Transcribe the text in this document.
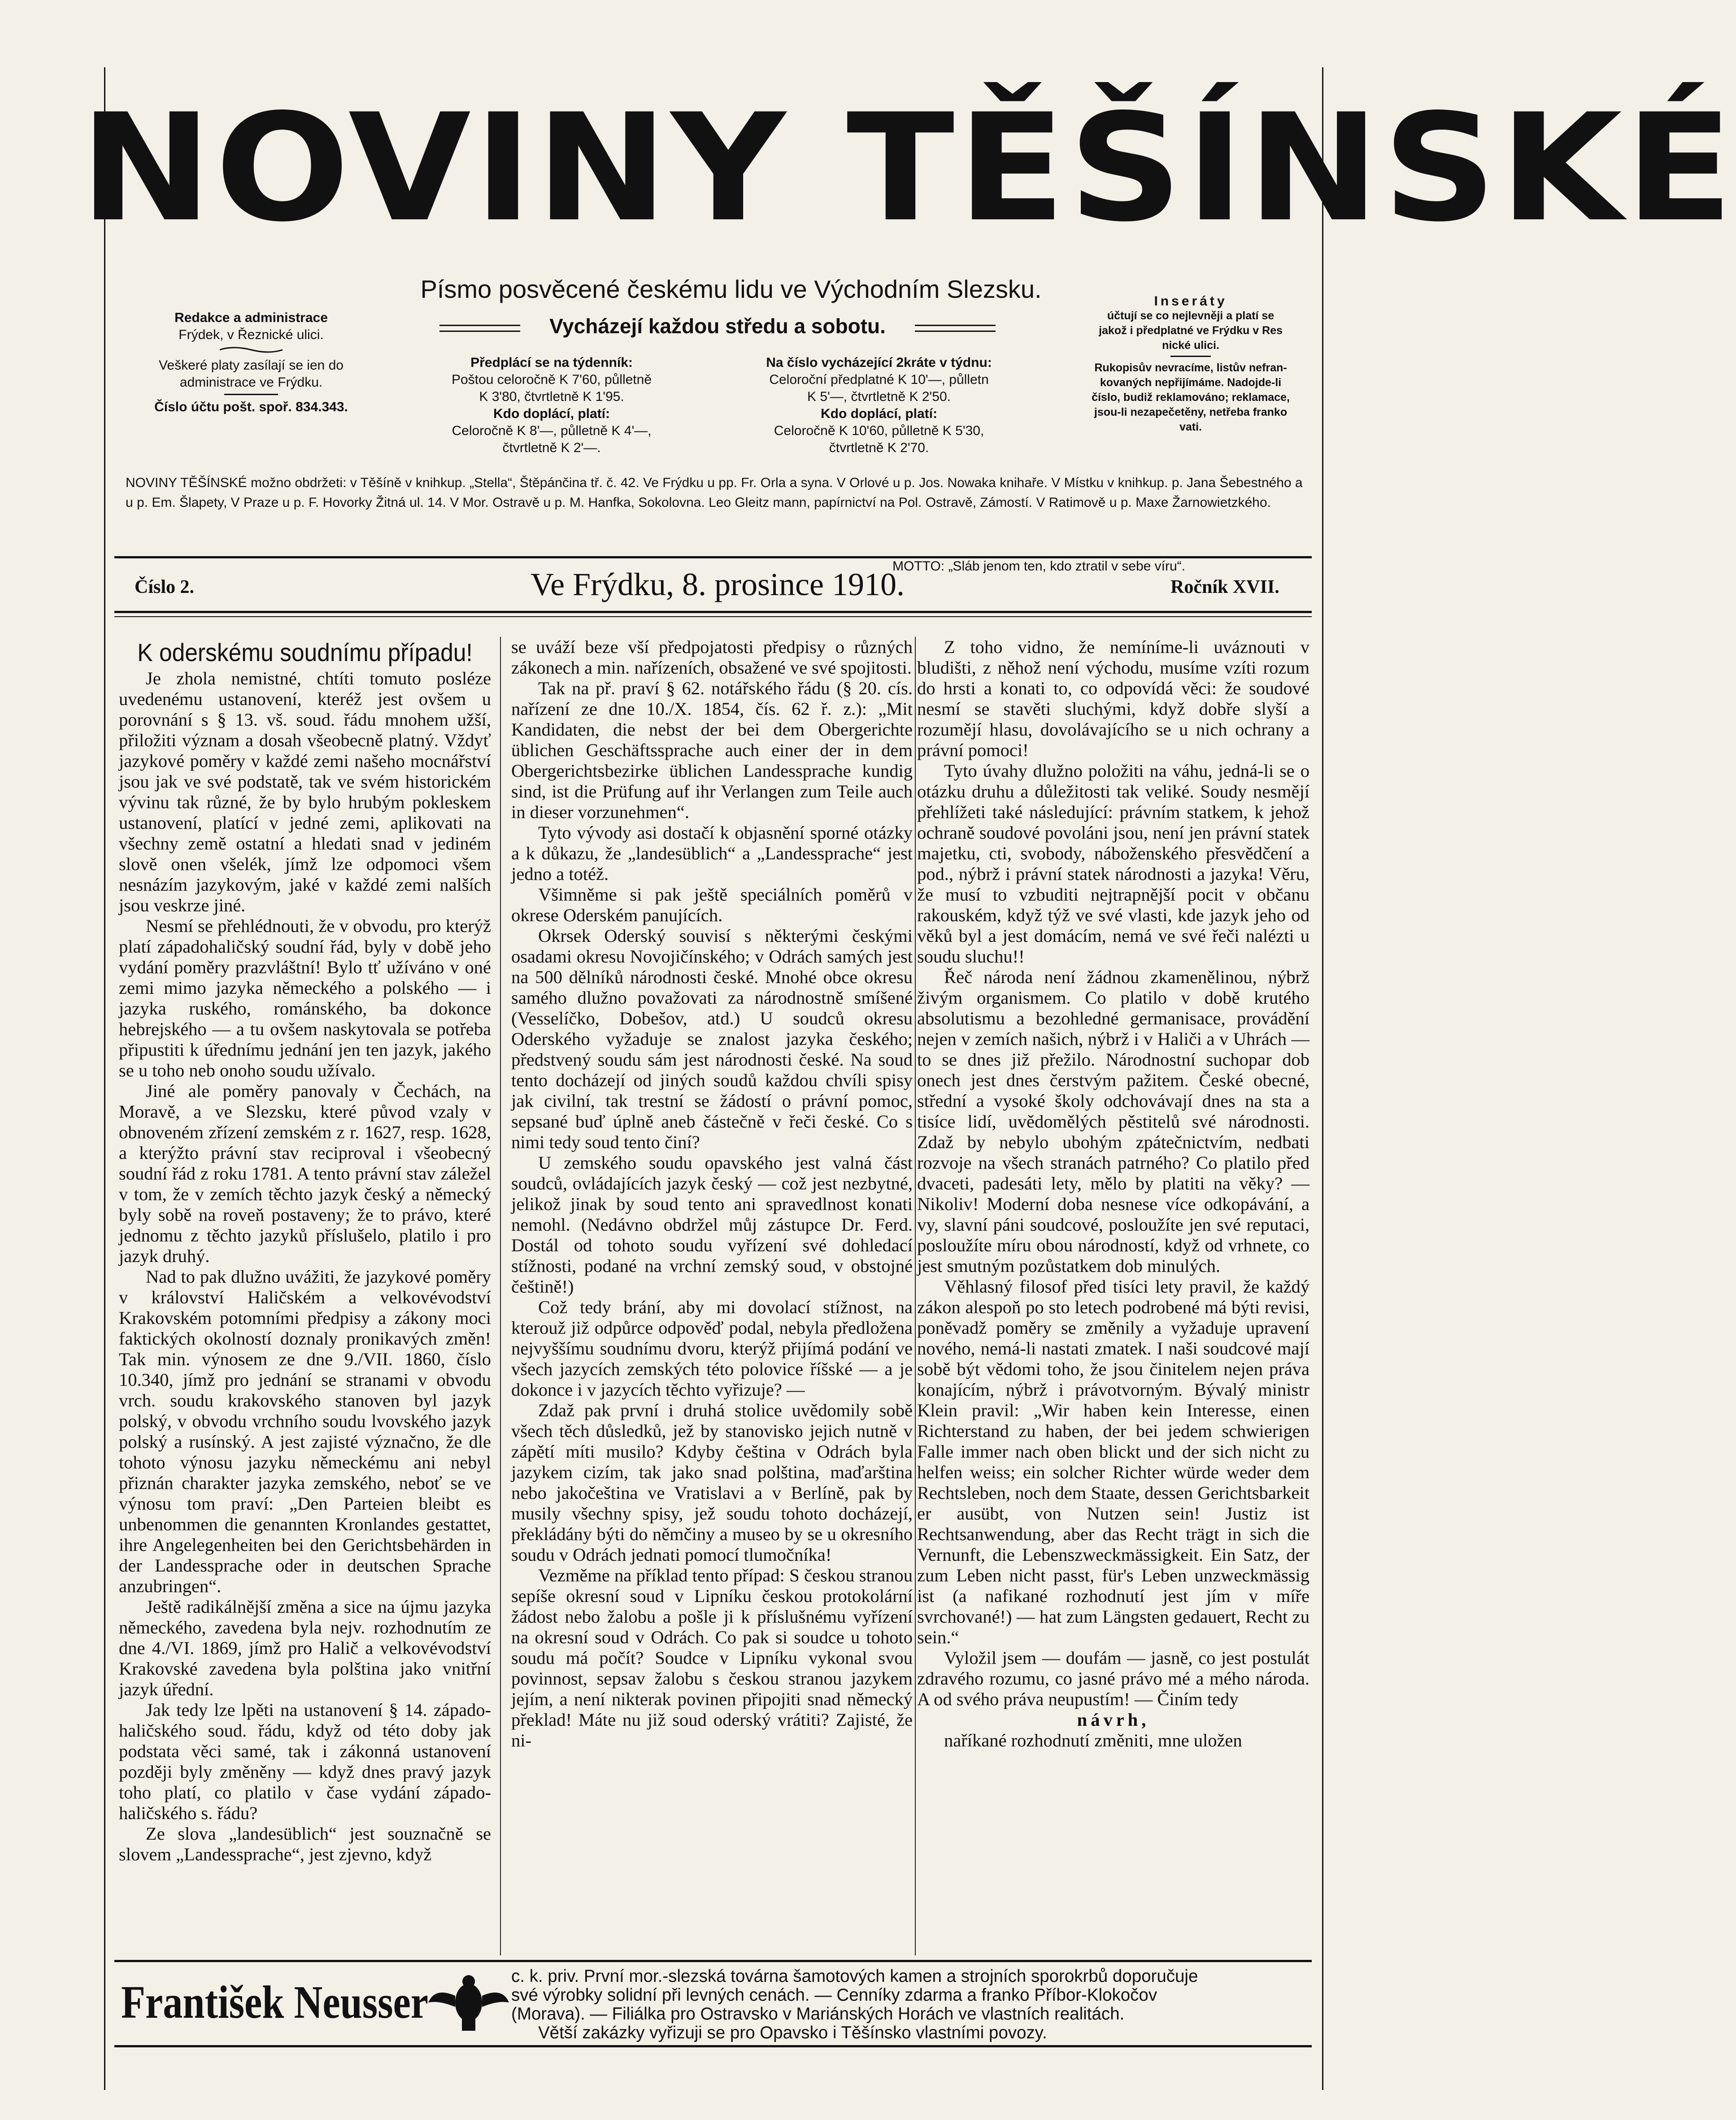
NOVINY TĚŠÍNSKÉ
Písmo posvěcené českému lidu ve Východním Slezsku.
Vycházejí každou středu a sobotu.
Redakce a administrace
Frýdek, v Řeznické ulici.
Veškeré platy zasílají se ien do
administrace ve Frýdku.
Číslo účtu pošt. spoř. 834.343.
Předplácí se na týdenník:
Poštou celoročně K 7'60, půlletně
K 3'80, čtvrtletně K 1'95.
Kdo doplácí, platí:
Celoročně K 8'—, půlletně K 4'—,
čtvrtletně K 2'—.
Na číslo vycházející 2kráte v týdnu:
Celoroční předplatné K 10'—, půlletn
K 5'—, čtvrtletně K 2'50.
Kdo doplácí, platí:
Celoročně K 10'60, půlletně K 5'30,
čtvrtletně K 2'70.
Inseráty
účtují se co nejlevněji a platí se
jakož i předplatné ve Frýdku v Res
nické ulici.
Rukopisův nevracíme, listův nefran-
kovaných nepřijímáme. Nadojde-li
číslo, budiž reklamováno; reklamace,
jsou-li nezapečetěny, netřeba franko
vati.
NOVINY TĚŠÍNSKÉ možno obdržeti: v Těšíně v knihkup. „Stella“, Štěpánčina tř. č. 42. Ve Frýdku u pp. Fr. Orla a syna. V Orlové u p. Jos. Nowaka knihaře. V Místku v knihkup. p. Jana Šebestného a u p. Em. Šlapety, V Praze u p. F. Hovorky Žitná ul. 14. V Mor. Ostravě u p. M. Hanfka, Sokolovna. Leo Gleitz mann, papírnictví na Pol. Ostravě, Zámostí. V Ratimově u p. Maxe Žarnowietzkého.
MOTTO: „Sláb jenom ten, kdo ztratil v sebe víru“.
Číslo 2.	Ve Frýdku, 8. prosince 1910.	Ročník XVII.

K oderskému soudnímu případu!

Je zhola nemistné, chtíti tomuto posléze uvedenému ustanovení, kteréž jest ovšem u porovnání s § 13. vš. soud. řádu mnohem užší, přiložiti význam a dosah všeobecně platný. Vždyť jazykové poměry v každé zemi našeho mocnářství jsou jak ve své podstatě, tak ve svém historickém vývinu tak různé, že by bylo hrubým pokleskem ustanovení, platící v jedné zemi, aplikovati na všechny země ostatní a hledati snad v jediném slově onen všelék, jímž lze odpomoci všem nesnázím jazykovým, jaké v každé zemi nalších jsou veskrze jiné.

Nesmí se přehlédnouti, že v obvodu, pro kterýž platí západohaličský soudní řád, byly v době jeho vydání poměry prazvláštní! Bylo tť užíváno v oné zemi mimo jazyka německého a polského — i jazyka ruského, románského, ba dokonce hebrejského — a tu ovšem naskytovala se potřeba připustiti k úřednímu jednání jen ten jazyk, jakého se u toho neb onoho soudu užívalo.

Jiné ale poměry panovaly v Čechách, na Moravě, a ve Slezsku, které původ vzaly v obnoveném zřízení zemském z r. 1627, resp. 1628, a kterýžto právní stav reciproval i všeobecný soudní řád z roku 1781. A tento právní stav záležel v tom, že v zemích těchto jazyk český a německý byly sobě na roveň postaveny; že to právo, které jednomu z těchto jazyků příslušelo, platilo i pro jazyk druhý.

Nad to pak dlužno uvážiti, že jazykové poměry v království Haličském a velkovévodství Krakovském potomními předpisy a zákony moci faktických okolností doznaly pronikavých změn! Tak min. výnosem ze dne 9./VII. 1860, číslo 10.340, jímž pro jednání se stranami v obvodu vrch. soudu krakovského stanoven byl jazyk polský, v obvodu vrchního soudu lvovského jazyk polský a rusínský. A jest zajisté význačno, že dle tohoto výnosu jazyku německému ani nebyl přiznán charakter jazyka zemského, neboť se ve výnosu tom praví: „Den Parteien bleibt es unbenommen die genannten Kronlandes gestattet, ihre Angelegenheiten bei den Gerichtsbehärden in der Landessprache oder in deutschen Sprache anzubringen“.

Ještě radikálnější změna a sice na újmu jazyka německého, zavedena byla nejv. rozhodnutím ze dne 4./VI. 1869, jímž pro Halič a velkovévodství Krakovské zavedena byla polština jako vnitřní jazyk úřední.

Jak tedy lze lpěti na ustanovení § 14. západo-haličského soud. řádu, když od této doby jak podstata věci samé, tak i zákonná ustanovení později byly změněny — když dnes pravý jazyk toho platí, co platilo v čase vydání západo-haličského s. řádu?

Ze slova „landesüblich“ jest souznačně se slovem „Landessprache“, jest zjevno, když

se uváží beze vší předpojatosti předpisy o různých zákonech a min. nařízeních, obsažené ve své spojitosti.

Tak na př. praví § 62. notářského řádu (§ 20. cís. nařízení ze dne 10./X. 1854, čís. 62 ř. z.): „Mit Kandidaten, die nebst der bei dem Obergerichte üblichen Geschäftssprache auch einer der in dem Obergerichtsbezirke üblichen Landessprache kundig sind, ist die Prüfung auf ihr Verlangen zum Teile auch in dieser vorzunehmen“.

Tyto vývody asi dostačí k objasnění sporné otázky a k důkazu, že „landesüblich“ a „Landessprache“ jest jedno a totéž.

Všimněme si pak ještě speciálních poměrů v okrese Oderském panujících.

Okrsek Oderský souvisí s některými českými osadami okresu Novojičínského; v Odrách samých jest na 500 dělníků národnosti české. Mnohé obce okresu samého dlužno považovati za národnostně smíšené (Vesselíčko, Dobešov, atd.) U soudců okresu Oderského vyžaduje se znalost jazyka českého; předstvený soudu sám jest národnosti české. Na soud tento docházejí od jiných soudů každou chvíli spisy jak civilní, tak trestní se žádostí o právní pomoc, sepsané buď úplně aneb částečně v řeči české. Co s nimi tedy soud tento činí?

U zemského soudu opavského jest valná část soudců, ovládajících jazyk český — což jest nezbytné, jelikož jinak by soud tento ani spravedlnost konati nemohl. (Nedávno obdržel můj zástupce Dr. Ferd. Dostál od tohoto soudu vyřízení své dohledací stížnosti, podané na vrchní zemský soud, v obstojné češtině!)

Což tedy brání, aby mi dovolací stížnost, na kterouž již odpůrce odpověď podal, nebyla předložena nejvyššímu soudnímu dvoru, kterýž přijímá podání ve všech jazycích zemských této polovice říšské — a je dokonce i v jazycích těchto vyřizuje? —

Zdaž pak první i druhá stolice uvědomily sobě všech těch důsledků, jež by stanovisko jejich nutně v zápětí míti musilo? Kdyby čeština v Odrách byla jazykem cizím, tak jako snad polština, maďarština nebo jakočeština ve Vratislavi a v Berlíně, pak by musily všechny spisy, jež soudu tohoto docházejí, překládány býti do němčiny a museo by se u okresního soudu v Odrách jednati pomocí tlumočníka!

Vezměme na příklad tento případ: S českou stranou sepíše okresní soud v Lipníku českou protokolární žádost nebo žalobu a pošle ji k příslušnému vyřízení na okresní soud v Odrách. Co pak si soudce u tohoto soudu má počít? Soudce v Lipníku vykonal svou povinnost, sepsav žalobu s českou stranou jazykem jejím, a není nikterak povinen připojiti snad německý překlad! Máte nu již soud oderský vrátiti? Zajisté, že ni-

Z toho vidno, že nemíníme-li uváznouti v bludišti, z něhož není východu, musíme vzíti rozum do hrsti a konati to, co odpovídá věci: že soudové nesmí se stavěti sluchými, když dobře slyší a rozumějí hlasu, dovolávajícího se u nich ochrany a právní pomoci!

Tyto úvahy dlužno položiti na váhu, jedná-li se o otázku druhu a důležitosti tak veliké. Soudy nesmějí přehlížeti také následující: právním statkem, k jehož ochraně soudové povoláni jsou, není jen právní statek majetku, cti, svobody, náboženského přesvědčení a pod., nýbrž i právní statek národnosti a jazyka! Věru, že musí to vzbuditi nejtrapnější pocit v občanu rakouském, když týž ve své vlasti, kde jazyk jeho od věků byl a jest domácím, nemá ve své řeči nalézti u soudu sluchu!!

Řeč národa není žádnou zkamenělinou, nýbrž živým organismem. Co platilo v době krutého absolutismu a bezohledné germanisace, provádění nejen v zemích našich, nýbrž i v Haliči a v Uhrách — to se dnes již přežilo. Národnostní suchopar dob onech jest dnes čerstvým pažitem. České obecné, střední a vysoké školy odchovávají dnes na sta a tisíce lidí, uvědomělých pěstitelů své národnosti. Zdaž by nebylo ubohým zpátečnictvím, nedbati rozvoje na všech stranách patrného? Co platilo před dvaceti, padesáti lety, mělo by platiti na věky? — Nikoliv! Moderní doba nesnese více odkopávání, a vy, slavní páni soudcové, posloužíte jen své reputaci, posloužíte míru obou národností, když od vrhnete, co jest smutným pozůstatkem dob minulých.

Věhlasný filosof před tisíci lety pravil, že každý zákon alespoň po sto letech podrobené má býti revisi, poněvadž poměry se změnily a vyžaduje upravení nového, nemá-li nastati zmatek. I naši soudcové mají sobě být vědomi toho, že jsou činitelem nejen práva konajícím, nýbrž i právotvorným. Bývalý ministr Klein pravil: „Wir haben kein Interesse, einen Richterstand zu haben, der bei jedem schwierigen Falle immer nach oben blickt und der sich nicht zu helfen weiss; ein solcher Richter würde weder dem Rechtsleben, noch dem Staate, dessen Gerichtsbarkeit er ausübt, von Nutzen sein! Justiz ist Rechtsanwendung, aber das Recht trägt in sich die Vernunft, die Lebenszweckmässigkeit. Ein Satz, der zum Leben nicht passt, für's Leben unzweckmässig ist (a nafikané rozhodnutí jest jím v míře svrchované!) — hat zum Längsten gedauert, Recht zu sein.“

Vyložil jsem — doufám — jasně, co jest postulát zdravého rozumu, co jasné právo mé a mého národa. A od svého práva neupustím! — Činím tedy

návrh,

naříkané rozhodnutí změniti, mne uložen

František Neusser

c. k. priv. První mor.-slezská továrna šamotových kamen a strojních sporokrbů doporučuje

své výrobky solidní při levných cenách. — Cenníky zdarma a franko Příbor-Klokočov

(Morava). — Filiálka pro Ostravsko v Mariánských Horách ve vlastních realitách.

Větší zakázky vyřizuji se pro Opavsko i Těšínsko vlastními povozy.
